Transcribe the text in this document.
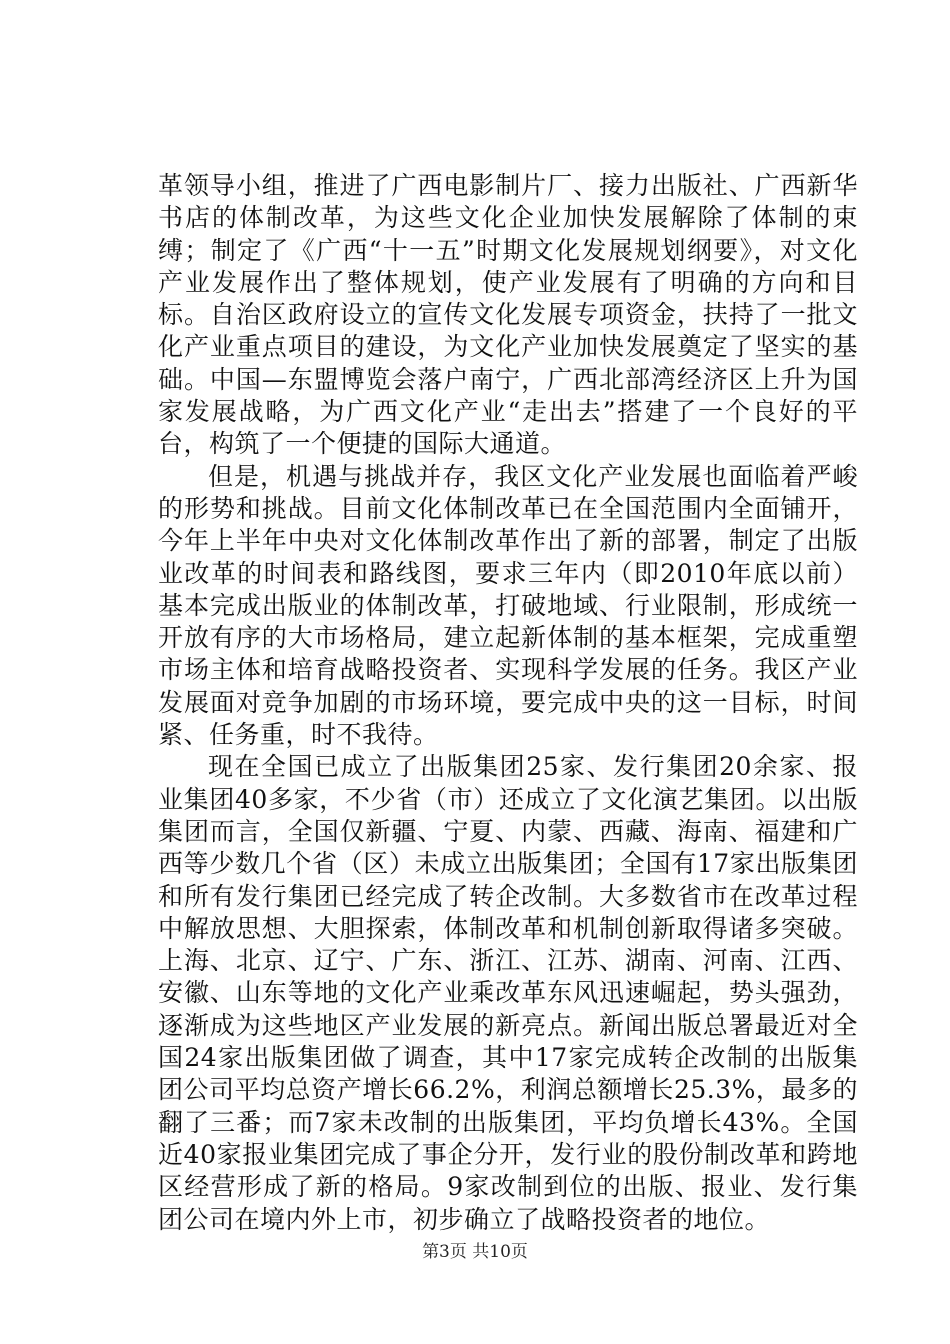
革领导小组，推进了广西电影制片厂、接力出版社、广西新华书店的体制改革，为这些文化企业加快发展解除了体制的束缚；制定了《广西“十一五”时期文化发展规划纲要》，对文化产业发展作出了整体规划，使产业发展有了明确的方向和目标。自治区政府设立的宣传文化发展专项资金，扶持了一批文化产业重点项目的建设，为文化产业加快发展奠定了坚实的基础。中国—东盟博览会落户南宁，广西北部湾经济区上升为国家发展战略，为广西文化产业“走出去”搭建了一个良好的平台，构筑了一个便捷的国际大通道。

但是，机遇与挑战并存，我区文化产业发展也面临着严峻的形势和挑战。目前文化体制改革已在全国范围内全面铺开，今年上半年中央对文化体制改革作出了新的部署，制定了出版业改革的时间表和路线图，要求三年内（即2010年底以前）基本完成出版业的体制改革，打破地域、行业限制，形成统一开放有序的大市场格局，建立起新体制的基本框架，完成重塑市场主体和培育战略投资者、实现科学发展的任务。我区产业发展面对竞争加剧的市场环境，要完成中央的这一目标，时间紧、任务重，时不我待。

现在全国已成立了出版集团25家、发行集团20余家、报业集团40多家，不少省（市）还成立了文化演艺集团。以出版集团而言，全国仅新疆、宁夏、内蒙、西藏、海南、福建和广西等少数几个省（区）未成立出版集团；全国有17家出版集团和所有发行集团已经完成了转企改制。大多数省市在改革过程中解放思想、大胆探索，体制改革和机制创新取得诸多突破。上海、北京、辽宁、广东、浙江、江苏、湖南、河南、江西、安徽、山东等地的文化产业乘改革东风迅速崛起，势头强劲，逐渐成为这些地区产业发展的新亮点。新闻出版总署最近对全国24家出版集团做了调查，其中17家完成转企改制的出版集团公司平均总资产增长66.2%，利润总额增长25.3%，最多的翻了三番；而7家未改制的出版集团，平均负增长43%。全国近40家报业集团完成了事企分开，发行业的股份制改革和跨地区经营形成了新的格局。9家改制到位的出版、报业、发行集团公司在境内外上市，初步确立了战略投资者的地位。

第3页 共10页
